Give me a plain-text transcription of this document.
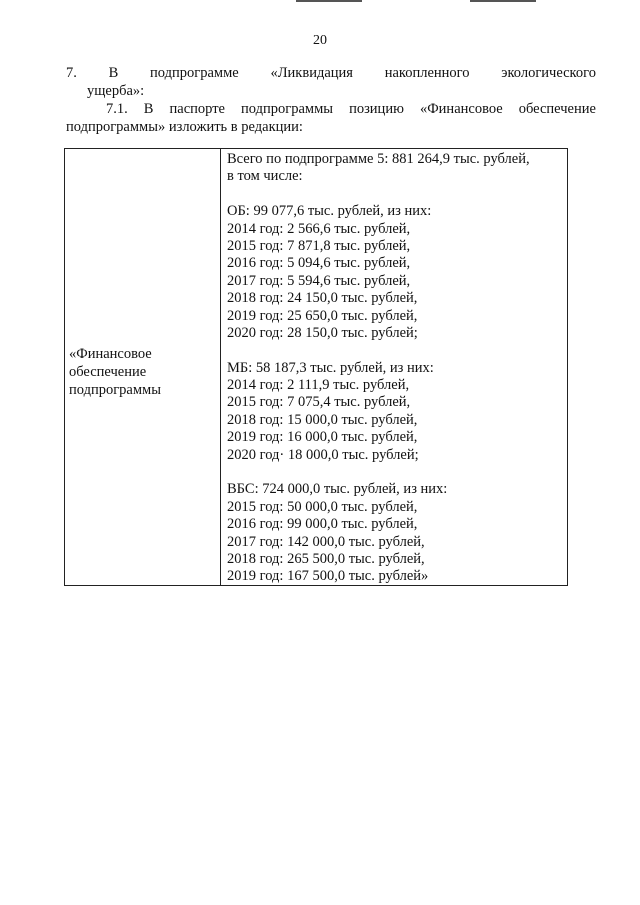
20
7. В подпрограмме «Ликвидация накопленного экологического
ущерба»:
7.1. В паспорте подпрограммы позицию «Финансовое обеспечение
подпрограммы» изложить в редакции:
«Финансовое
обеспечение
подпрограммы
Всего по подпрограмме 5: 881 264,9 тыс. рублей,
в том числе:
ОБ: 99 077,6 тыс. рублей, из них:
2014 год: 2 566,6 тыс. рублей,
2015 год: 7 871,8 тыс. рублей,
2016 год: 5 094,6 тыс. рублей,
2017 год: 5 594,6 тыс. рублей,
2018 год: 24 150,0 тыс. рублей,
2019 год: 25 650,0 тыс. рублей,
2020 год: 28 150,0 тыс. рублей;
МБ: 58 187,3 тыс. рублей, из них:
2014 год: 2 111,9 тыс. рублей,
2015 год: 7 075,4 тыс. рублей,
2018 год: 15 000,0 тыс. рублей,
2019 год: 16 000,0 тыс. рублей,
2020 год· 18 000,0 тыс. рублей;
ВБС: 724 000,0 тыс. рублей, из них:
2015 год: 50 000,0 тыс. рублей,
2016 год: 99 000,0 тыс. рублей,
2017 год: 142 000,0 тыс. рублей,
2018 год: 265 500,0 тыс. рублей,
2019 год: 167 500,0 тыс. рублей»
